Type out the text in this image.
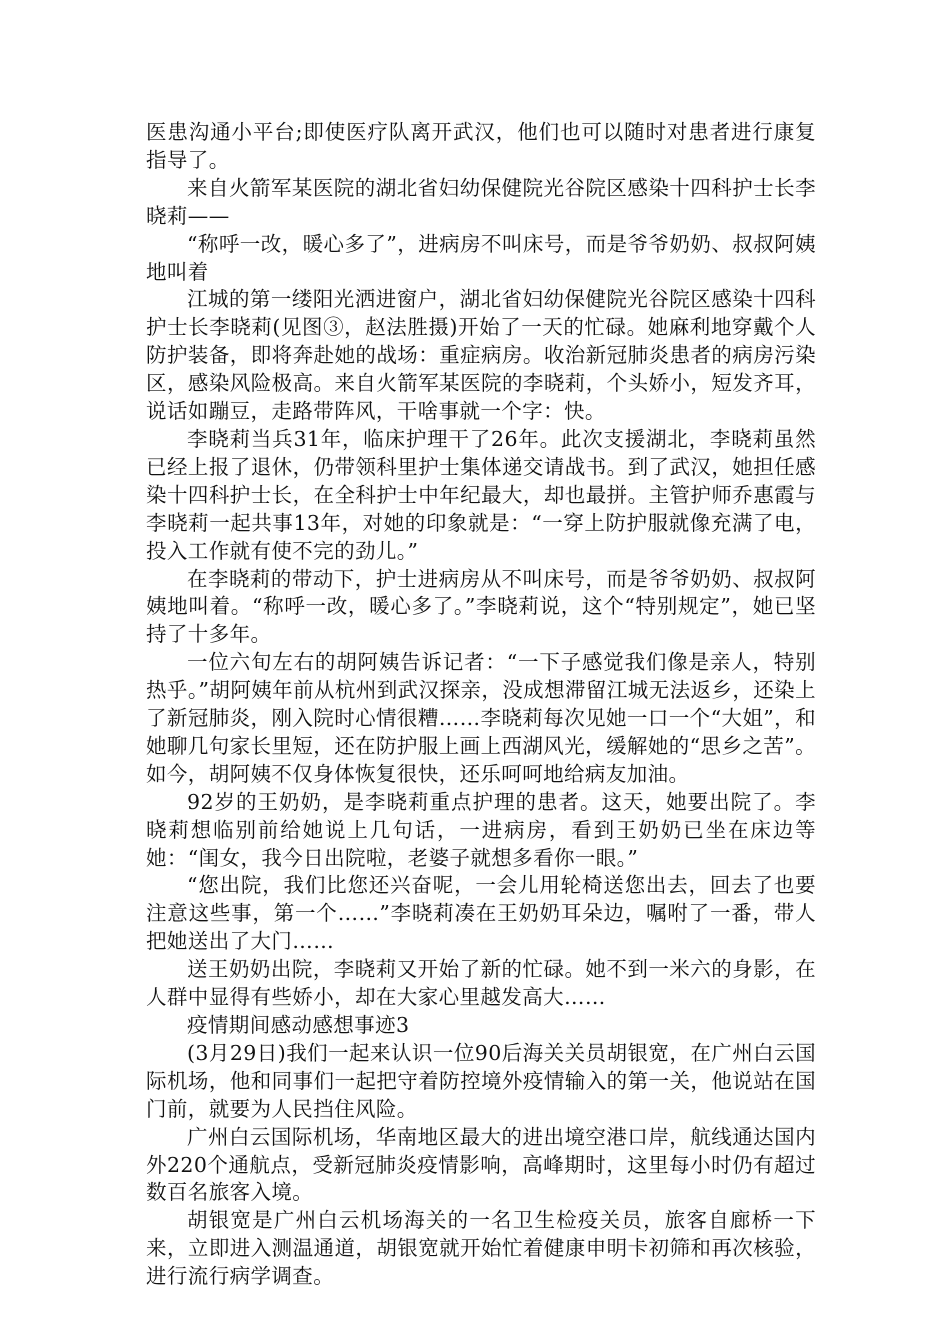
医患沟通小平台;即使医疗队离开武汉，他们也可以随时对患者进行康复指导了。

来自火箭军某医院的湖北省妇幼保健院光谷院区感染十四科护士长李晓莉——

“称呼一改，暖心多了”，进病房不叫床号，而是爷爷奶奶、叔叔阿姨地叫着

江城的第一缕阳光洒进窗户，湖北省妇幼保健院光谷院区感染十四科护士长李晓莉(见图③，赵法胜摄)开始了一天的忙碌。她麻利地穿戴个人防护装备，即将奔赴她的战场：重症病房。收治新冠肺炎患者的病房污染区，感染风险极高。来自火箭军某医院的李晓莉，个头娇小，短发齐耳，说话如蹦豆，走路带阵风，干啥事就一个字：快。

李晓莉当兵31年，临床护理干了26年。此次支援湖北，李晓莉虽然已经上报了退休，仍带领科里护士集体递交请战书。到了武汉，她担任感染十四科护士长，在全科护士中年纪最大，却也最拼。主管护师乔惠霞与李晓莉一起共事13年，对她的印象就是：“一穿上防护服就像充满了电，投入工作就有使不完的劲儿。”

在李晓莉的带动下，护士进病房从不叫床号，而是爷爷奶奶、叔叔阿姨地叫着。“称呼一改，暖心多了。”李晓莉说，这个“特别规定”，她已坚持了十多年。

一位六旬左右的胡阿姨告诉记者：“一下子感觉我们像是亲人，特别热乎。”胡阿姨年前从杭州到武汉探亲，没成想滞留江城无法返乡，还染上了新冠肺炎，刚入院时心情很糟……李晓莉每次见她一口一个“大姐”，和她聊几句家长里短，还在防护服上画上西湖风光，缓解她的“思乡之苦”。如今，胡阿姨不仅身体恢复很快，还乐呵呵地给病友加油。

92岁的王奶奶，是李晓莉重点护理的患者。这天，她要出院了。李晓莉想临别前给她说上几句话，一进病房，看到王奶奶已坐在床边等她：“闺女，我今日出院啦，老婆子就想多看你一眼。”

“您出院，我们比您还兴奋呢，一会儿用轮椅送您出去，回去了也要注意这些事，第一个……”李晓莉凑在王奶奶耳朵边，嘱咐了一番，带人把她送出了大门……

送王奶奶出院，李晓莉又开始了新的忙碌。她不到一米六的身影，在人群中显得有些娇小，却在大家心里越发高大……

疫情期间感动感想事迹3

(3月29日)我们一起来认识一位90后海关关员胡银宽，在广州白云国际机场，他和同事们一起把守着防控境外疫情输入的第一关，他说站在国门前，就要为人民挡住风险。

广州白云国际机场，华南地区最大的进出境空港口岸，航线通达国内外220个通航点，受新冠肺炎疫情影响，高峰期时，这里每小时仍有超过数百名旅客入境。

胡银宽是广州白云机场海关的一名卫生检疫关员，旅客自廊桥一下来，立即进入测温通道，胡银宽就开始忙着健康申明卡初筛和再次核验，进行流行病学调查。
